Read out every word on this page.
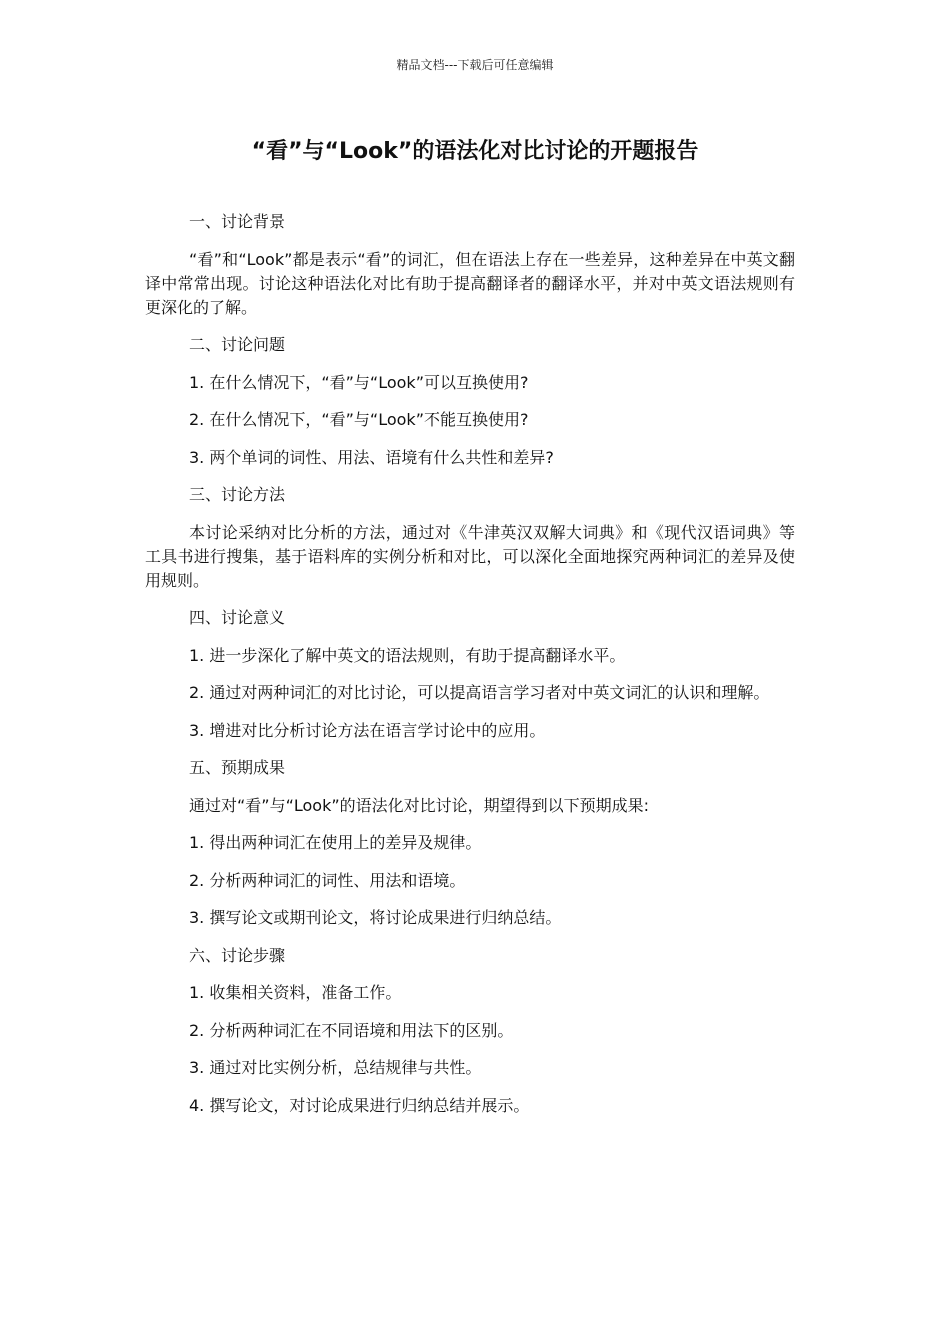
精品文档---下载后可任意编辑
“看”与“Look”的语法化对比讨论的开题报告

一、讨论背景

“看”和“Look”都是表示“看”的词汇，但在语法上存在一些差异，这种差异在中英文翻译中常常出现。讨论这种语法化对比有助于提高翻译者的翻译水平，并对中英文语法规则有更深化的了解。

二、讨论问题

1. 在什么情况下，“看”与“Look”可以互换使用?

2. 在什么情况下，“看”与“Look”不能互换使用?

3. 两个单词的词性、用法、语境有什么共性和差异?

三、讨论方法

本讨论采纳对比分析的方法，通过对《牛津英汉双解大词典》和《现代汉语词典》等工具书进行搜集，基于语料库的实例分析和对比，可以深化全面地探究两种词汇的差异及使用规则。

四、讨论意义

1. 进一步深化了解中英文的语法规则，有助于提高翻译水平。

2. 通过对两种词汇的对比讨论，可以提高语言学习者对中英文词汇的认识和理解。

3. 增进对比分析讨论方法在语言学讨论中的应用。

五、预期成果

通过对“看”与“Look”的语法化对比讨论，期望得到以下预期成果:

1. 得出两种词汇在使用上的差异及规律。

2. 分析两种词汇的词性、用法和语境。

3. 撰写论文或期刊论文，将讨论成果进行归纳总结。

六、讨论步骤

1. 收集相关资料，准备工作。

2. 分析两种词汇在不同语境和用法下的区别。

3. 通过对比实例分析，总结规律与共性。

4. 撰写论文，对讨论成果进行归纳总结并展示。
